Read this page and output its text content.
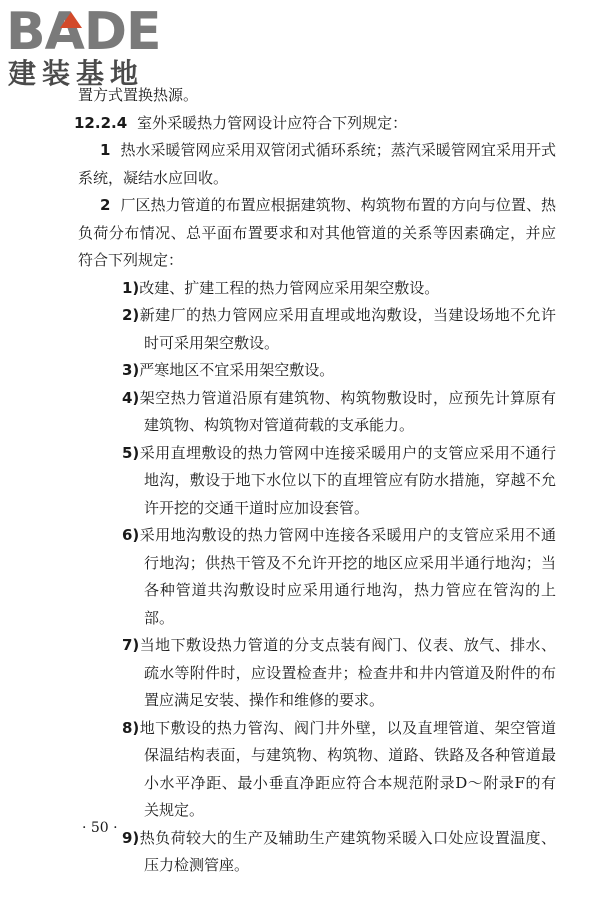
BADE
建装基地

置方式置换热源。

12.2.4 室外采暖热力管网设计应符合下列规定：

1 热水采暖管网应采用双管闭式循环系统；蒸汽采暖管网宜采用开式系统，凝结水应回收。

2 厂区热力管道的布置应根据建筑物、构筑物布置的方向与位置、热负荷分布情况、总平面布置要求和对其他管道的关系等因素确定，并应符合下列规定：

1)改建、扩建工程的热力管网应采用架空敷设。

2)新建厂的热力管网应采用直埋或地沟敷设，当建设场地不允许时可采用架空敷设。

3)严寒地区不宜采用架空敷设。

4)架空热力管道沿原有建筑物、构筑物敷设时，应预先计算原有建筑物、构筑物对管道荷载的支承能力。

5)采用直埋敷设的热力管网中连接采暖用户的支管应采用不通行地沟，敷设于地下水位以下的直埋管应有防水措施，穿越不允许开挖的交通干道时应加设套管。

6)采用地沟敷设的热力管网中连接各采暖用户的支管应采用不通行地沟；供热干管及不允许开挖的地区应采用半通行地沟；当各种管道共沟敷设时应采用通行地沟，热力管应在管沟的上部。

7)当地下敷设热力管道的分支点装有阀门、仪表、放气、排水、疏水等附件时，应设置检查井；检查井和井内管道及附件的布置应满足安装、操作和维修的要求。

8)地下敷设的热力管沟、阀门井外壁，以及直埋管道、架空管道保温结构表面，与建筑物、构筑物、道路、铁路及各种管道最小水平净距、最小垂直净距应符合本规范附录D～附录F的有关规定。

9)热负荷较大的生产及辅助生产建筑物采暖入口处应设置温度、压力检测管座。

· 50 ·
